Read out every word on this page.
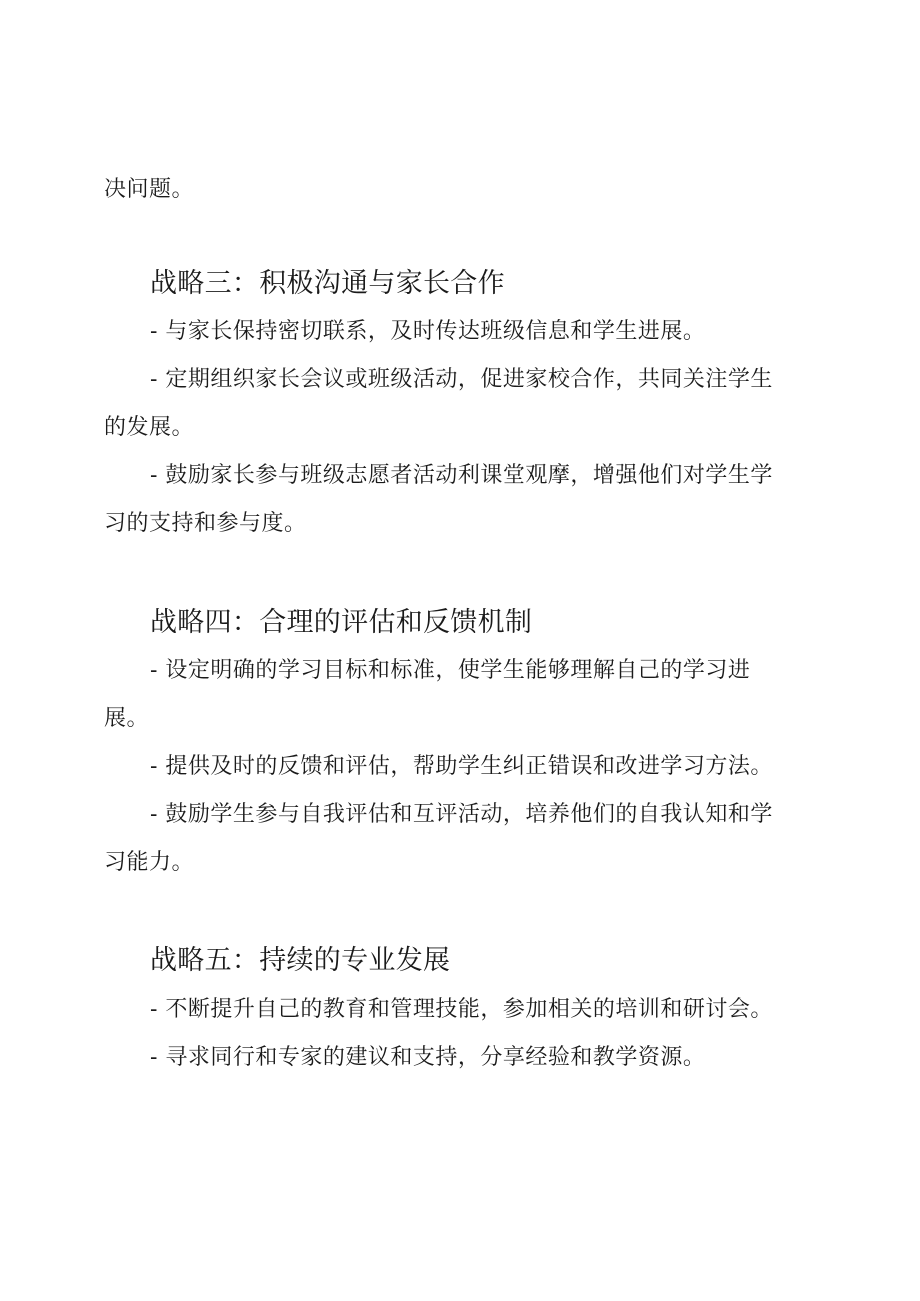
决问题。
战略三：积极沟通与家长合作
- 与家长保持密切联系，及时传达班级信息和学生进展。
- 定期组织家长会议或班级活动，促进家校合作，共同关注学生
的发展。
- 鼓励家长参与班级志愿者活动利课堂观摩，增强他们对学生学
习的支持和参与度。
战略四：合理的评估和反馈机制
- 设定明确的学习目标和标准，使学生能够理解自己的学习进
展。
- 提供及时的反馈和评估，帮助学生纠正错误和改进学习方法。
- 鼓励学生参与自我评估和互评活动，培养他们的自我认知和学
习能力。
战略五：持续的专业发展
- 不断提升自己的教育和管理技能，参加相关的培训和研讨会。
- 寻求同行和专家的建议和支持，分享经验和教学资源。
